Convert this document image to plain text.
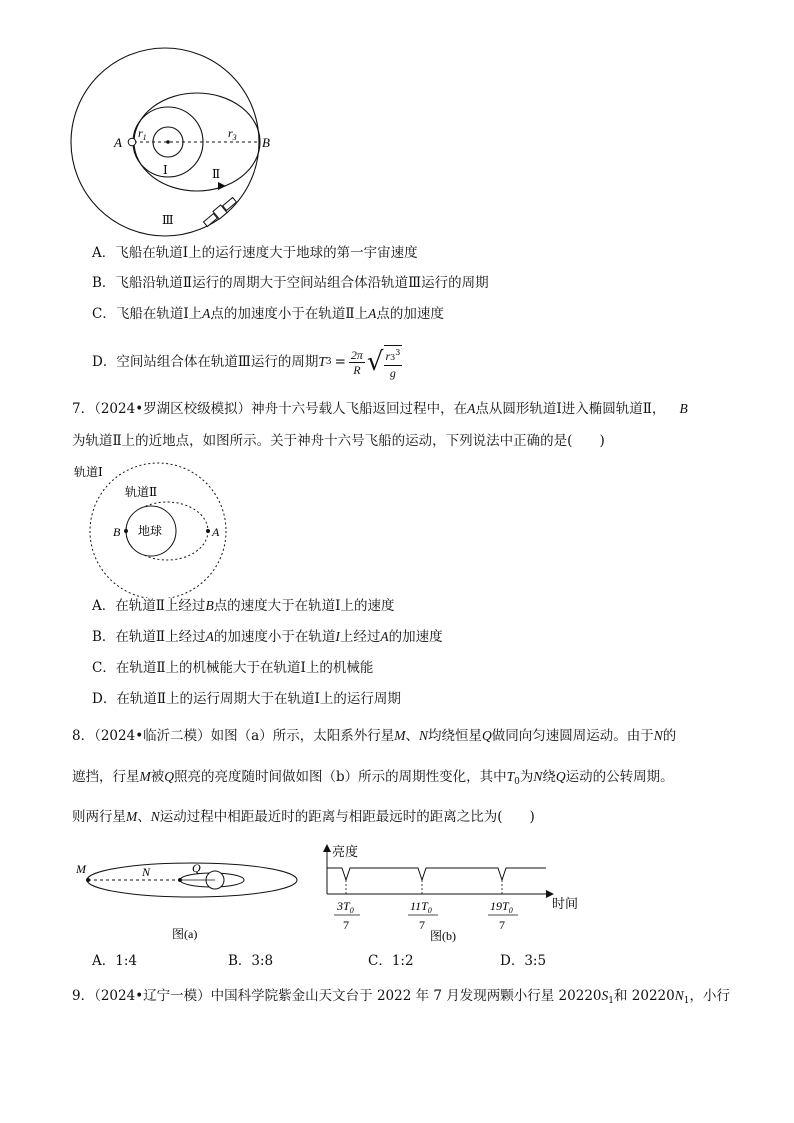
A	B
$r_1$	$r_3$
Ⅰ	Ⅱ
Ⅲ
A．飞船在轨道Ⅰ上的运行速度大于地球的第一宇宙速度
B．飞船沿轨道Ⅱ运行的周期大于空间站组合体沿轨道Ⅲ运行的周期
C．飞船在轨道Ⅰ上A点的加速度小于在轨道Ⅱ上A点的加速度
D．空间站组合体在轨道Ⅲ运行的周期 T $3 = \frac{2\pi}{R}$ √ $\frac{r3^3}{g}$
7．（2024•罗湖区校级模拟）神舟十六号载人飞船返回过程中，在A点从圆形轨道Ⅰ进入椭圆轨道Ⅱ， B
为轨道Ⅱ上的近地点，如图所示。关于神舟十六号飞船的运动，下列说法中正确的是(　　)
轨道Ⅰ
轨道Ⅱ
地球	A
B
A．在轨道Ⅱ上经过B点的速度大于在轨道Ⅰ上的速度
B．在轨道Ⅱ上经过A的加速度小于在轨道I上经过A的加速度
C．在轨道Ⅱ上的机械能大于在轨道Ⅰ上的机械能
D．在轨道Ⅱ上的运行周期大于在轨道Ⅰ上的运行周期
8．（2024•临沂二模）如图（a）所示，太阳系外行星M、N均绕恒星Q做同向匀速圆周运动。由于N的
遮挡，行星M被Q照亮的亮度随时间做如图（b）所示的周期性变化，其中$T_0$为N绕Q运动的公转周期。
则两行星M、N运动过程中相距最近时的距离与相距最远时的距离之比为(　　)
M	N	Q
图(a)
亮度
时间
$3T_0$
7
$11T_0$
7
$19T_0$
7
图(b)
A．1:4	B．3:8	C．1:2	D．3:5
9．（2024•辽宁一模）中国科学院紫金山天文台于 2022 年 7 月发现两颗小行星 $20220S_1$和 $20220N_1$，小行
